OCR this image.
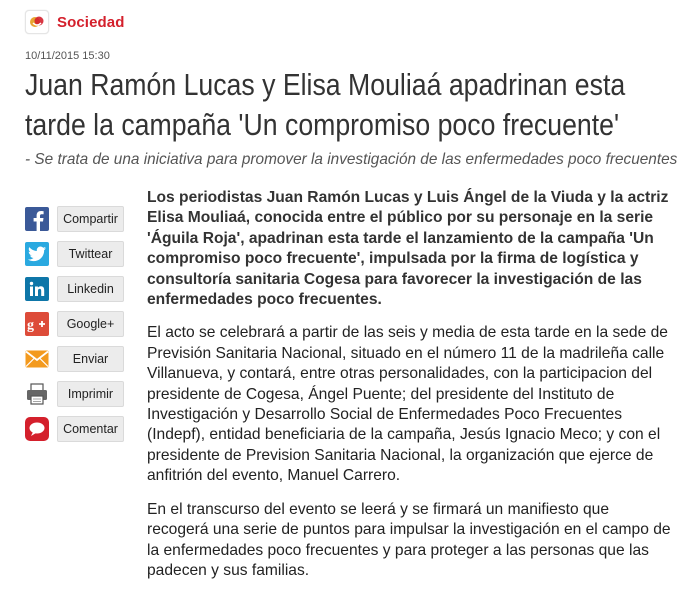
Sociedad
10/11/2015 15:30
Juan Ramón Lucas y Elisa Mouliaá apadrinan esta tarde la campaña 'Un compromiso poco frecuente'

- Se trata de una iniciativa para promover la investigación de las enfermedades poco frecuentes

Compartir
Twittear
Linkedin
g	Google+
Enviar
Imprimir
Comentar

Los periodistas Juan Ramón Lucas y Luis Ángel de la Viuda y la actriz Elisa Mouliaá, conocida entre el público por su personaje en la serie 'Águila Roja', apadrinan esta tarde el lanzamiento de la campaña 'Un compromiso poco frecuente', impulsada por la firma de logística y consultoría sanitaria Cogesa para favorecer la investigación de las enfermedades poco frecuentes.

El acto se celebrará a partir de las seis y media de esta tarde en la sede de Previsión Sanitaria Nacional, situado en el número 11 de la madrileña calle Villanueva, y contará, entre otras personalidades, con la participacion del presidente de Cogesa, Ángel Puente; del presidente del Instituto de Investigación y Desarrollo Social de Enfermedades Poco Frecuentes (Indepf), entidad beneficiaria de la campaña, Jesús Ignacio Meco; y con el presidente de Prevision Sanitaria Nacional, la organización que ejerce de anfitrión del evento, Manuel Carrero.

En el transcurso del evento se leerá y se firmará un manifiesto que recogerá una serie de puntos para impulsar la investigación en el campo de la enfermedades poco frecuentes y para proteger a las personas que las padecen y sus familias.
